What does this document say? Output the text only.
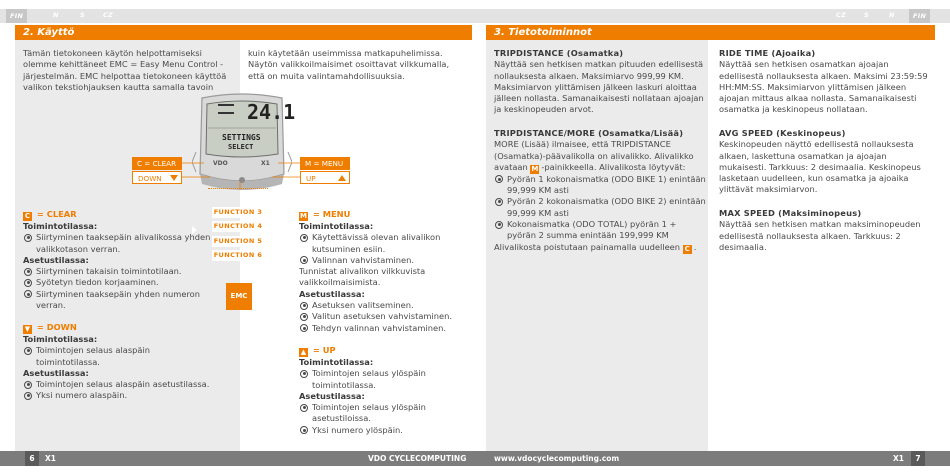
FIN	N	S	CZ	CZ	S	N	FIN
2. Käyttö	3. Tietotoiminnot
Tämän tietokoneen käytön helpottamiseksi olemme kehittäneet EMC = Easy Menu Control -järjestelmän. EMC helpottaa tietokoneen käyttöä valikon tekstiohjauksen kautta samalla tavoin
kuin käytetään useimmissa matkapuhelimissa. Näytön valikkoilmaisimet osoittavat vilkkumalla, että on muita valintamahdollisuuksia.
24.1
SETTINGS
SELECT
VDO	X1
C = CLEAR
DOWN
M = MENU
UP
FUNCTION 3
FUNCTION 4
FUNCTION 5
FUNCTION 6
EMC

C = CLEAR

Toimintotilassa:

Siirtyminen taaksepäin alivalikossa yhden valikkotason verran.

Asetustilassa:

Siirtyminen takaisin toimintotilaan.

Syötetyn tiedon korjaaminen.

Siirtyminen taaksepäin yhden numeron verran.

▼ = DOWN

Toimintotilassa:

Toimintojen selaus alaspäin toimintotilassa.

Asetustilassa:

Toimintojen selaus alaspäin asetustilassa.

Yksi numero alaspäin.

M = MENU

Toimintotilassa:

Käytettävissä olevan alivalikon kutsuminen esiin.

Valinnan vahvistaminen.

Tunnistat alivalikon vilkkuvista valikkoilmaisimista.

Asetustilassa:

Asetuksen valitseminen.

Valitun asetuksen vahvistaminen.

Tehdyn valinnan vahvistaminen.

▲ = UP

Toimintotilassa:

Toimintojen selaus ylöspäin toimintotilassa.

Asetustilassa:

Toimintojen selaus ylöspäin asetustiloissa.

Yksi numero ylöspäin.

TRIPDISTANCE (Osamatka)

Näyttää sen hetkisen matkan pituuden edellisestä nollauksesta alkaen. Maksimiarvo 999,99 KM. Maksimiarvon ylittämisen jälkeen laskuri aloittaa jälleen nollasta. Samanaikaisesti nollataan ajoajan ja keskinopeuden arvot.

TRIPDISTANCE/MORE (Osamatka/Lisää)

MORE (Lisää) ilmaisee, että TRIPDISTANCE (Osamatka)-päävalikolla on alivalikko. Alivalikko avataan M -painikkeella. Alivalikosta löytyvät:

Pyörän 1 kokonaismatka (ODO BIKE 1) enintään 99,999 KM asti

Pyörän 2 kokonaismatka (ODO BIKE 2) enintään 99,999 KM asti

Kokonaismatka (ODO TOTAL) pyörän 1 + pyörän 2 summa enintään 199,999 KM

Alivalikosta poistutaan painamalla uudelleen C .

RIDE TIME (Ajoaika)

Näyttää sen hetkisen osamatkan ajoajan edellisestä nollauksesta alkaen. Maksimi 23:59:59 HH:MM:SS. Maksimiarvon ylittämisen jälkeen ajoajan mittaus alkaa nollasta. Samanaikaisesti osamatka ja keskinopeus nollataan.

AVG SPEED (Keskinopeus)

Keskinopeuden näyttö edellisestä nollauksesta alkaen, laskettuna osamatkan ja ajoajan mukaisesti. Tarkkuus: 2 desimaalia. Keskinopeus lasketaan uudelleen, kun osamatka ja ajoaika ylittävät maksimiarvon.

MAX SPEED (Maksiminopeus)

Näyttää sen hetkisen matkan maksiminopeuden edellisestä nollauksesta alkaen. Tarkkuus: 2 desimaalia.

X1	VDO CYCLECOMPUTING	www.vdocyclecomputing.com	X1
6	7
